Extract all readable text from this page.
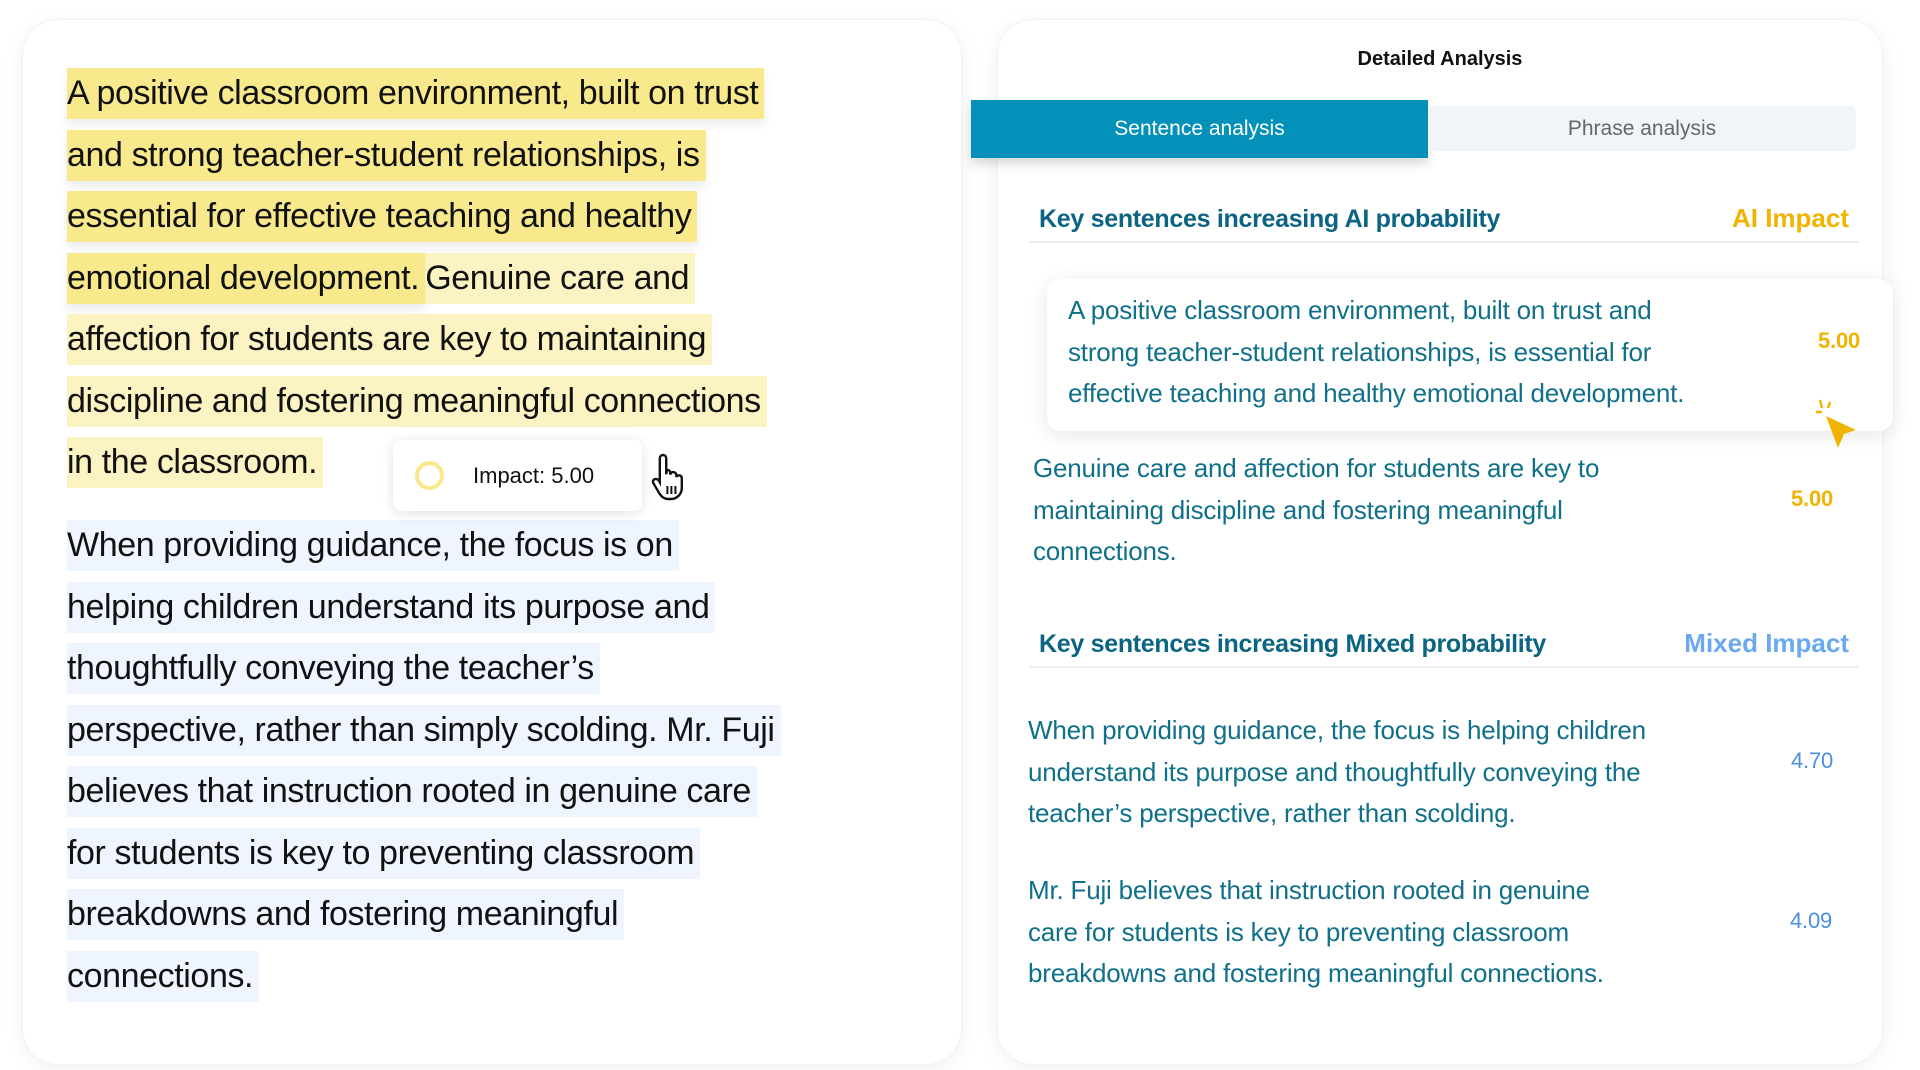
A positive classroom environment, built on trust
and strong teacher-student relationships, is
essential for effective teaching and healthy
emotional development.Genuine care and
affection for students are key to maintaining
discipline and fostering meaningful connections
in the classroom.
When providing guidance, the focus is on
helping children understand its purpose and
thoughtfully conveying the teacher’s
perspective, rather than simply scolding. Mr. Fuji
believes that instruction rooted in genuine care
for students is key to preventing classroom
breakdowns and fostering meaningful
connections.
Impact: 5.00
Detailed Analysis
Sentence analysis	Phrase analysis
Key sentences increasing AI probability	AI Impact
A positive classroom environment, built on trust and
strong teacher-student relationships, is essential for
effective teaching and healthy emotional development.
5.00
Genuine care and affection for students are key to
maintaining discipline and fostering meaningful
connections.
5.00
Key sentences increasing Mixed probability	Mixed Impact
When providing guidance, the focus is helping children
understand its purpose and thoughtfully conveying the
teacher’s perspective, rather than scolding.
4.70
Mr. Fuji believes that instruction rooted in genuine
care for students is key to preventing classroom
breakdowns and fostering meaningful connections.
4.09
